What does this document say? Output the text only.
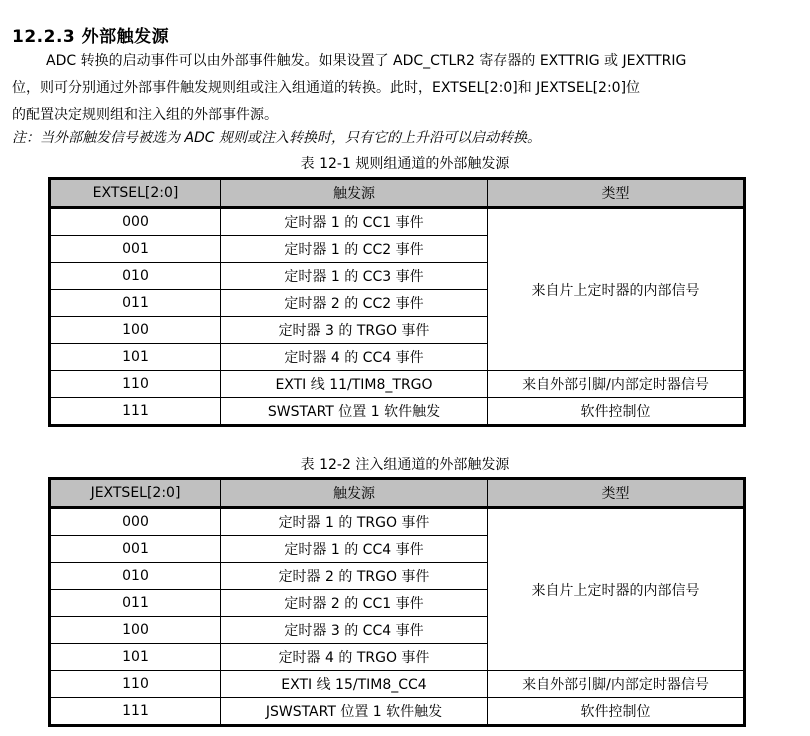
12.2.3 外部触发源
ADC 转换的启动事件可以由外部事件触发。如果设置了 ADC_CTLR2 寄存器的 EXTTRIG 或 JEXTTRIG
位，则可分别通过外部事件触发规则组或注入组通道的转换。此时，EXTSEL[2:0]和 JEXTSEL[2:0]位
的配置决定规则组和注入组的外部事件源。
注：当外部触发信号被选为 ADC 规则或注入转换时，只有它的上升沿可以启动转换。
表 12-1 规则组通道的外部触发源
EXTSEL[2:0]	触发源	类型
000	定时器 1 的 CC1 事件	来自片上定时器的内部信号
001	定时器 1 的 CC2 事件	
010	定时器 1 的 CC3 事件	
011	定时器 2 的 CC2 事件	
100	定时器 3 的 TRGO 事件	
101	定时器 4 的 CC4 事件	
110	EXTI 线 11/TIM8_TRGO	来自外部引脚/内部定时器信号
111	SWSTART 位置 1 软件触发	软件控制位
表 12-2 注入组通道的外部触发源
JEXTSEL[2:0]	触发源	类型
000	定时器 1 的 TRGO 事件	来自片上定时器的内部信号
001	定时器 1 的 CC4 事件	
010	定时器 2 的 TRGO 事件	
011	定时器 2 的 CC1 事件	
100	定时器 3 的 CC4 事件	
101	定时器 4 的 TRGO 事件	
110	EXTI 线 15/TIM8_CC4	来自外部引脚/内部定时器信号
111	JSWSTART 位置 1 软件触发	软件控制位
